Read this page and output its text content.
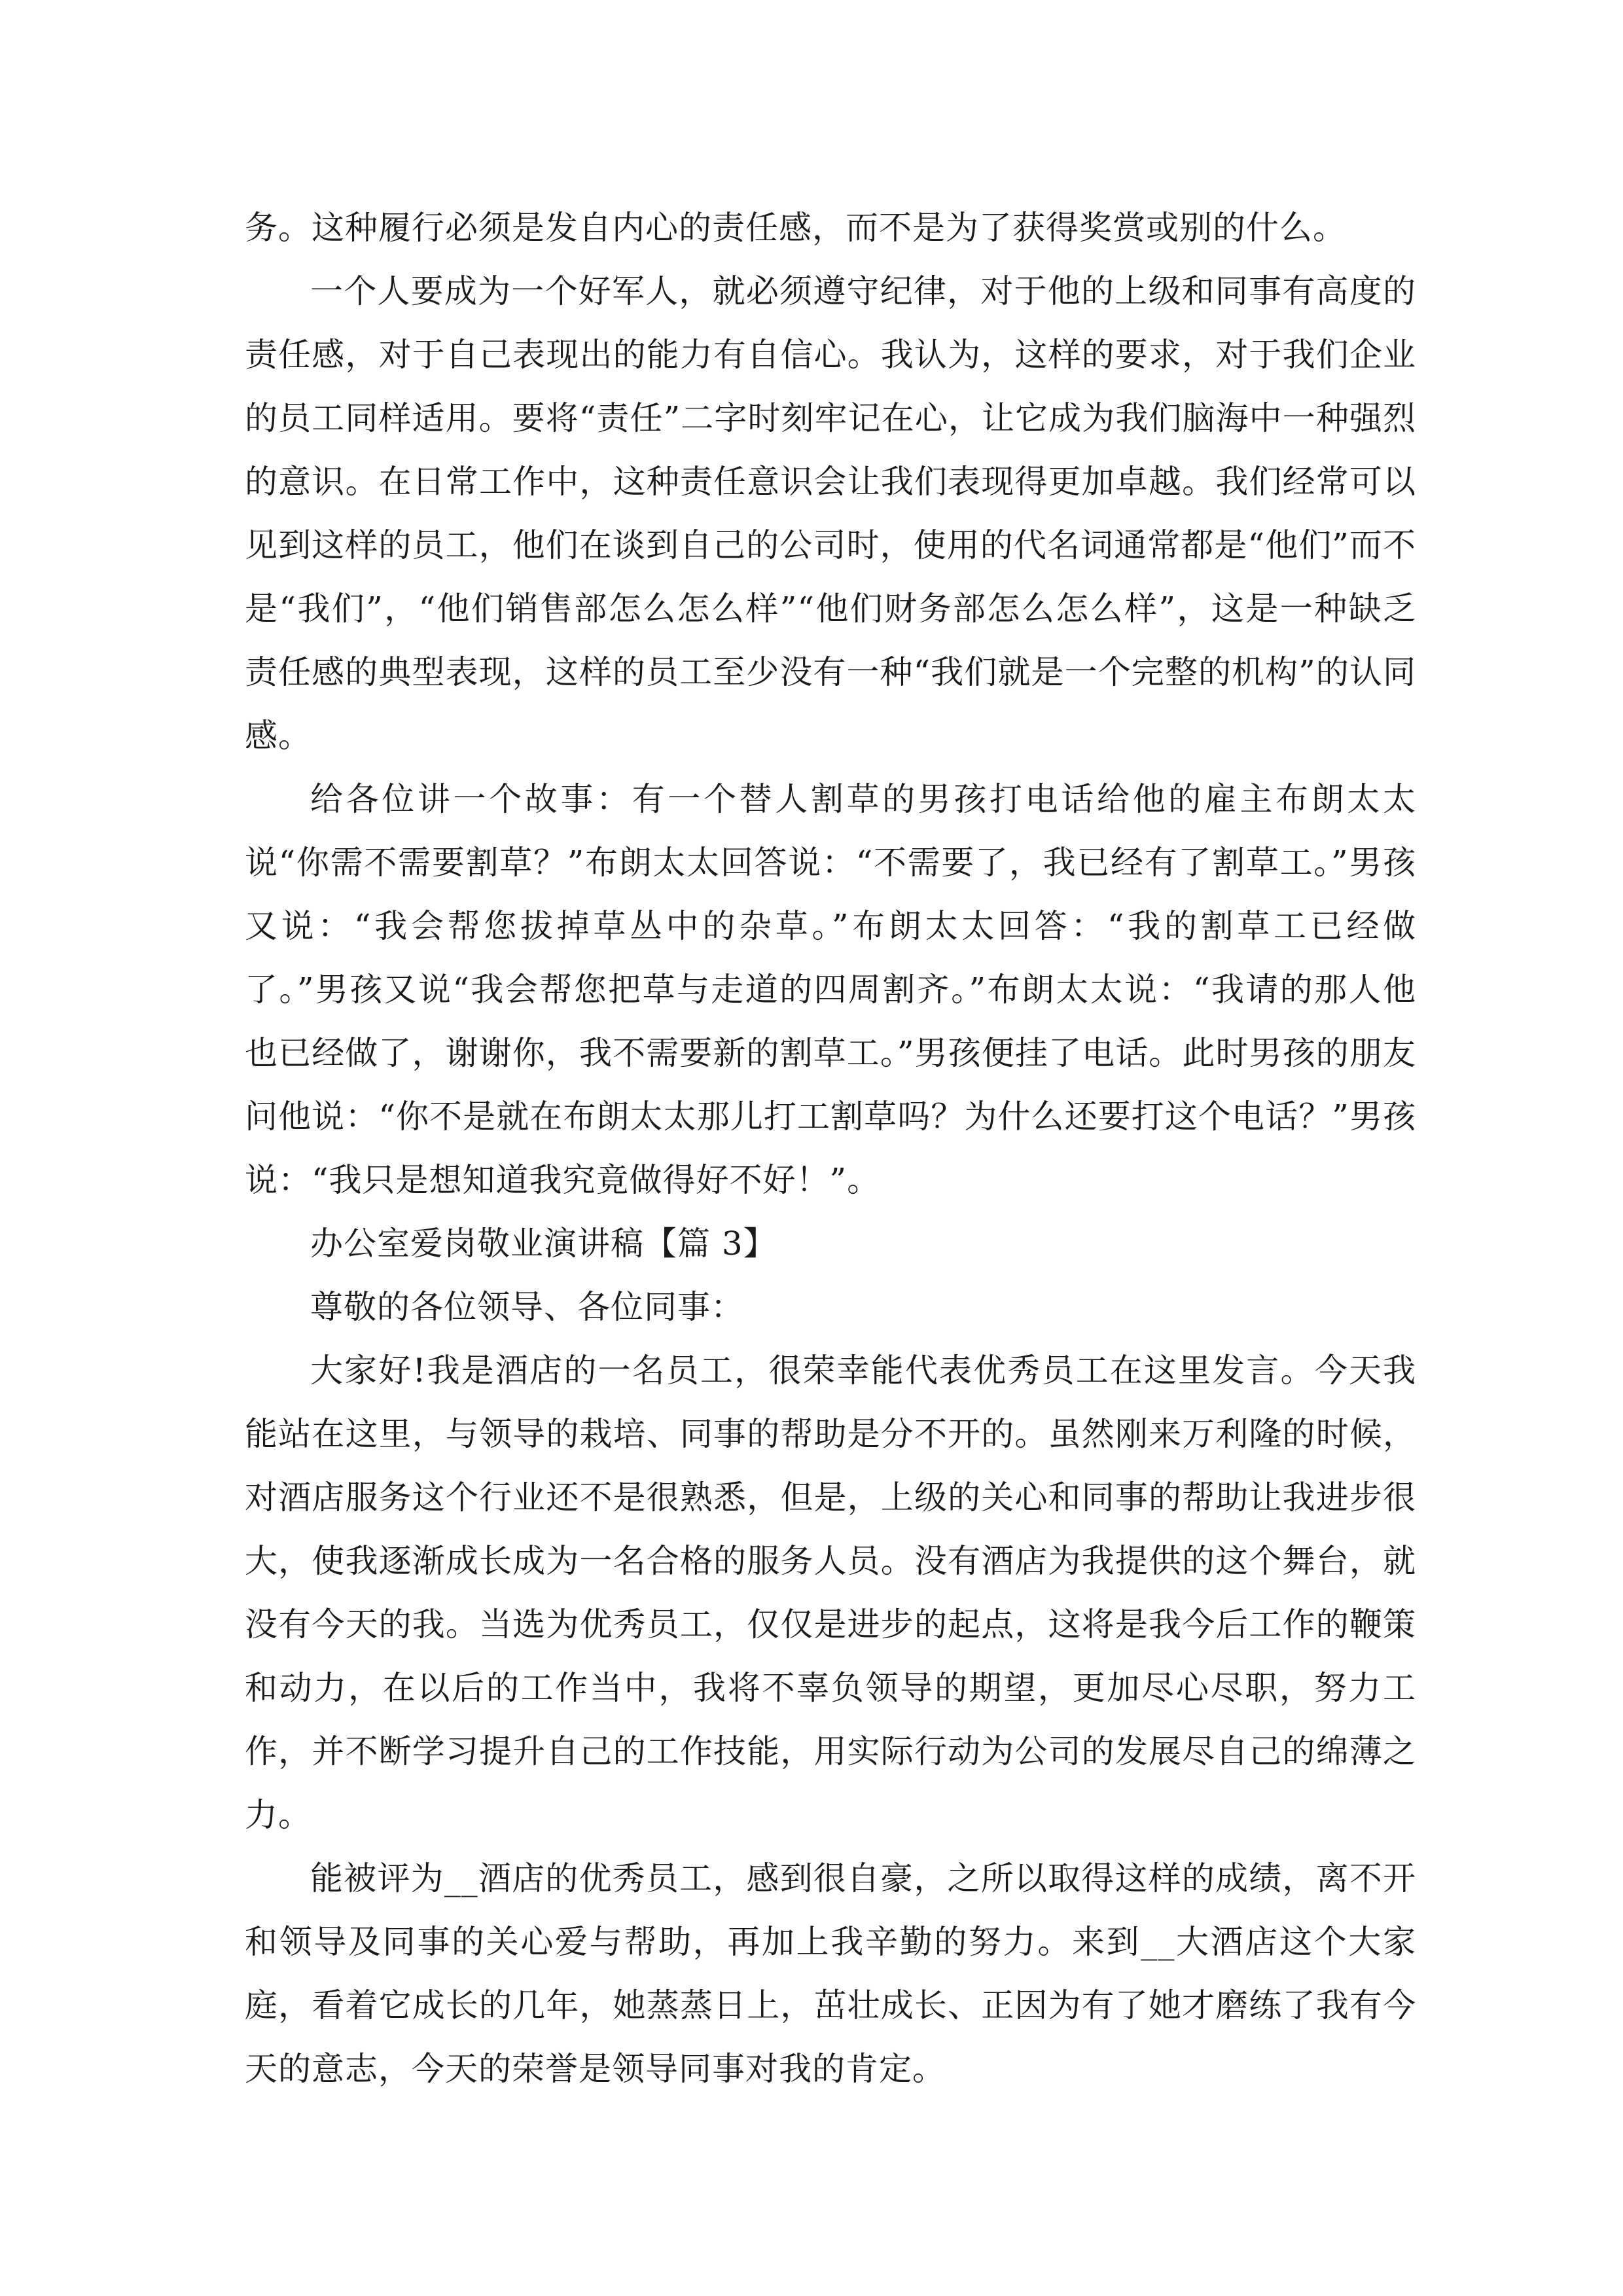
务。这种履行必须是发自内心的责任感，而不是为了获得奖赏或别的什么。

一个人要成为一个好军人，就必须遵守纪律，对于他的上级和同事有高度的责任感，对于自己表现出的能力有自信心。我认为，这样的要求，对于我们企业的员工同样适用。要将“责任”二字时刻牢记在心，让它成为我们脑海中一种强烈的意识。在日常工作中，这种责任意识会让我们表现得更加卓越。我们经常可以见到这样的员工，他们在谈到自己的公司时，使用的代名词通常都是“他们”而不是“我们”，“他们销售部怎么怎么样”“他们财务部怎么怎么样”，这是一种缺乏责任感的典型表现，这样的员工至少没有一种“我们就是一个完整的机构”的认同感。

给各位讲一个故事：有一个替人割草的男孩打电话给他的雇主布朗太太说“你需不需要割草？”布朗太太回答说：“不需要了，我已经有了割草工。”男孩又说：“我会帮您拔掉草丛中的杂草。”布朗太太回答：“我的割草工已经做了。”男孩又说“我会帮您把草与走道的四周割齐。”布朗太太说：“我请的那人他也已经做了，谢谢你，我不需要新的割草工。”男孩便挂了电话。此时男孩的朋友问他说：“你不是就在布朗太太那儿打工割草吗？为什么还要打这个电话？”男孩说：“我只是想知道我究竟做得好不好！”。

办公室爱岗敬业演讲稿【篇 3】

尊敬的各位领导、各位同事：

大家好!我是酒店的一名员工，很荣幸能代表优秀员工在这里发言。今天我能站在这里，与领导的栽培、同事的帮助是分不开的。虽然刚来万利隆的时候，对酒店服务这个行业还不是很熟悉，但是，上级的关心和同事的帮助让我进步很大，使我逐渐成长成为一名合格的服务人员。没有酒店为我提供的这个舞台，就没有今天的我。当选为优秀员工，仅仅是进步的起点，这将是我今后工作的鞭策和动力，在以后的工作当中，我将不辜负领导的期望，更加尽心尽职，努力工作，并不断学习提升自己的工作技能，用实际行动为公司的发展尽自己的绵薄之力。

能被评为__酒店的优秀员工，感到很自豪，之所以取得这样的成绩，离不开和领导及同事的关心爱与帮助，再加上我辛勤的努力。来到__大酒店这个大家庭，看着它成长的几年，她蒸蒸日上，茁壮成长、正因为有了她才磨练了我有今天的意志，今天的荣誉是领导同事对我的肯定。
